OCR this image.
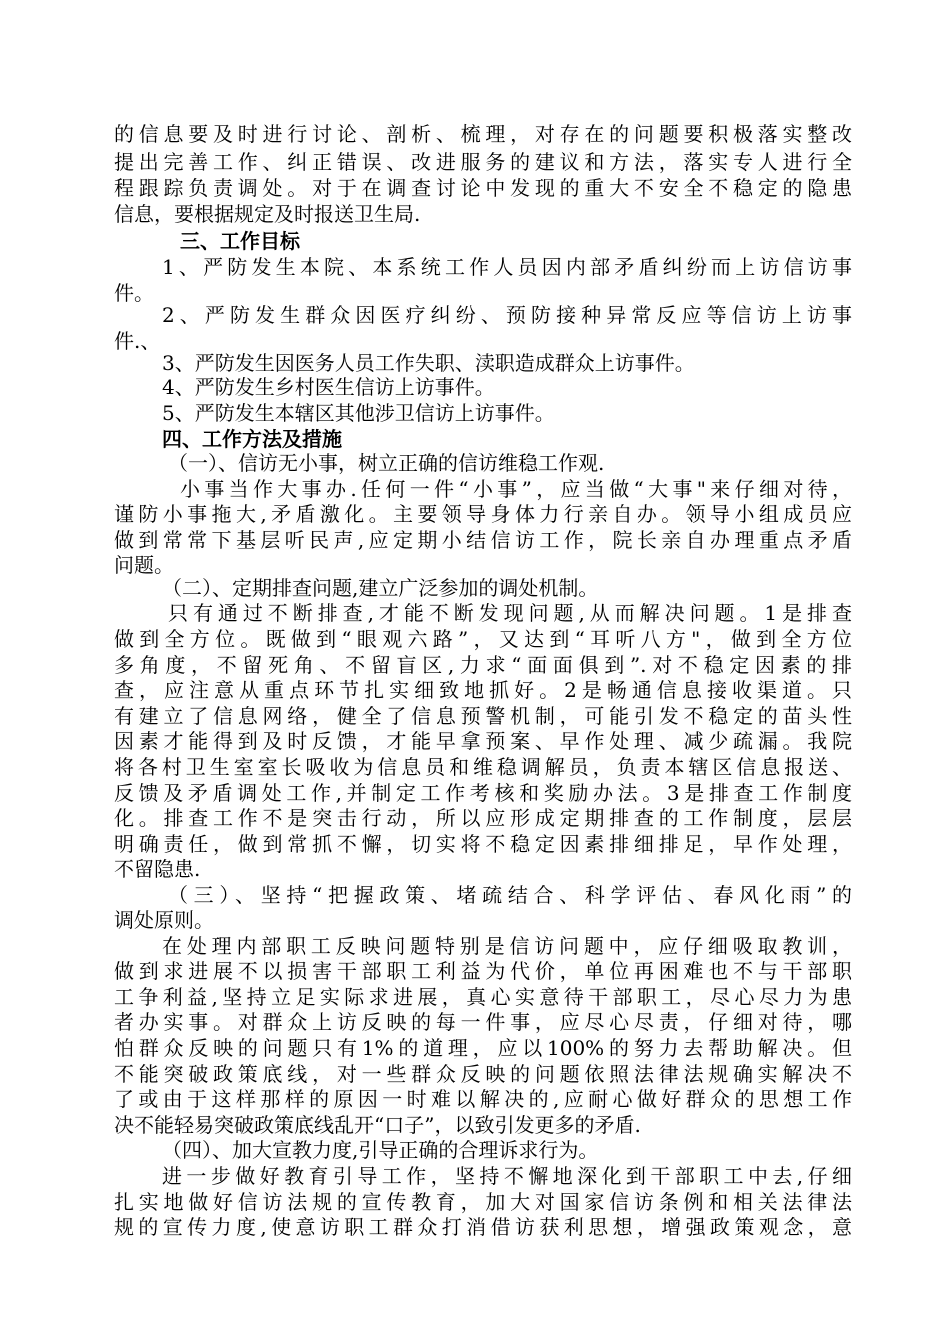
的信息要及时进行讨论、剖析、梳理，对存在的问题要积极落实整改
提出完善工作、纠正错误、改进服务的建议和方法，落实专人进行全
程跟踪负责调处。对于在调查讨论中发现的重大不安全不稳定的隐患
信息，要根据规定及时报送卫生局.
三、工作目标
1、严防发生本院、本系统工作人员因内部矛盾纠纷而上访信访事
件。
2、严防发生群众因医疗纠纷、预防接种异常反应等信访上访事
件.、
3、严防发生因医务人员工作失职、渎职造成群众上访事件。
4、严防发生乡村医生信访上访事件。
5、严防发生本辖区其他涉卫信访上访事件。
四、工作方法及措施
（一）、信访无小事，树立正确的信访维稳工作观.
小事当作大事办.任何一件“小事”，应当做“大事"来仔细对待，
谨防小事拖大,矛盾激化。主要领导身体力行亲自办。领导小组成员应
做到常常下基层听民声,应定期小结信访工作，院长亲自办理重点矛盾
问题。
（二）、定期排查问题,建立广泛参加的调处机制。
只有通过不断排查,才能不断发现问题,从而解决问题。1是排查
做到全方位。既做到“眼观六路”，又达到“耳听八方"，做到全方位
多角度，不留死角、不留盲区,力求“面面俱到”.对不稳定因素的排
查，应注意从重点环节扎实细致地抓好。2是畅通信息接收渠道。只
有建立了信息网络，健全了信息预警机制，可能引发不稳定的苗头性
因素才能得到及时反馈，才能早拿预案、早作处理、减少疏漏。我院
将各村卫生室室长吸收为信息员和维稳调解员，负责本辖区信息报送、
反馈及矛盾调处工作,并制定工作考核和奖励办法。3是排查工作制度
化。排查工作不是突击行动，所以应形成定期排查的工作制度，层层
明确责任，做到常抓不懈，切实将不稳定因素排细排足，早作处理，
不留隐患.
（三）、坚持“把握政策、堵疏结合、科学评估、春风化雨”的
调处原则。
在处理内部职工反映问题特别是信访问题中，应仔细吸取教训，
做到求进展不以损害干部职工利益为代价，单位再困难也不与干部职
工争利益,坚持立足实际求进展，真心实意待干部职工，尽心尽力为患
者办实事。对群众上访反映的每一件事，应尽心尽责，仔细对待，哪
怕群众反映的问题只有1%的道理，应以100%的努力去帮助解决。但
不能突破政策底线，对一些群众反映的问题依照法律法规确实解决不
了或由于这样那样的原因一时难以解决的,应耐心做好群众的思想工作
决不能轻易突破政策底线乱开“口子”，以致引发更多的矛盾.
（四）、加大宣教力度,引导正确的合理诉求行为。
进一步做好教育引导工作，坚持不懈地深化到干部职工中去,仔细
扎实地做好信访法规的宣传教育，加大对国家信访条例和相关法律法
规的宣传力度,使意访职工群众打消借访获利思想，增强政策观念，意
